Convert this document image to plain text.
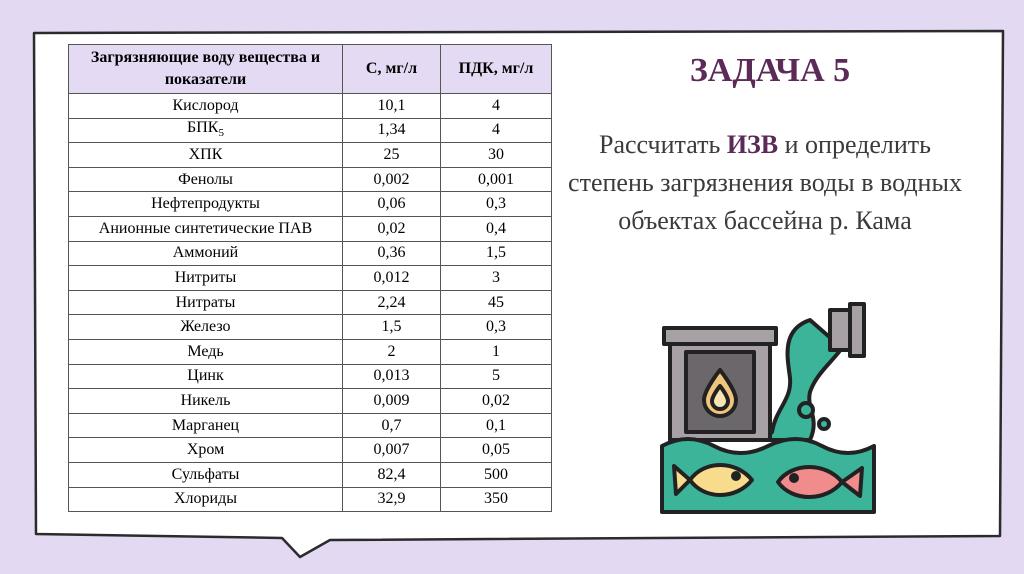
Загрязняющие воду вещества и показатели	С, мг/л	ПДК, мг/л
Кислород	10,1	4
$БПК_5$	1,34	4
ХПК	25	30
Фенолы	0,002	0,001
Нефтепродукты	0,06	0,3
Анионные синтетические ПАВ	0,02	0,4
Аммоний	0,36	1,5
Нитриты	0,012	3
Нитраты	2,24	45
Железо	1,5	0,3
Медь	2	1
Цинк	0,013	5
Никель	0,009	0,02
Марганец	0,7	0,1
Хром	0,007	0,05
Сульфаты	82,4	500
Хлориды	32,9	350
ЗАДАЧА 5

Рассчитать ИЗВ и определить степень загрязнения воды в водных объектах бассейна р. Кама
